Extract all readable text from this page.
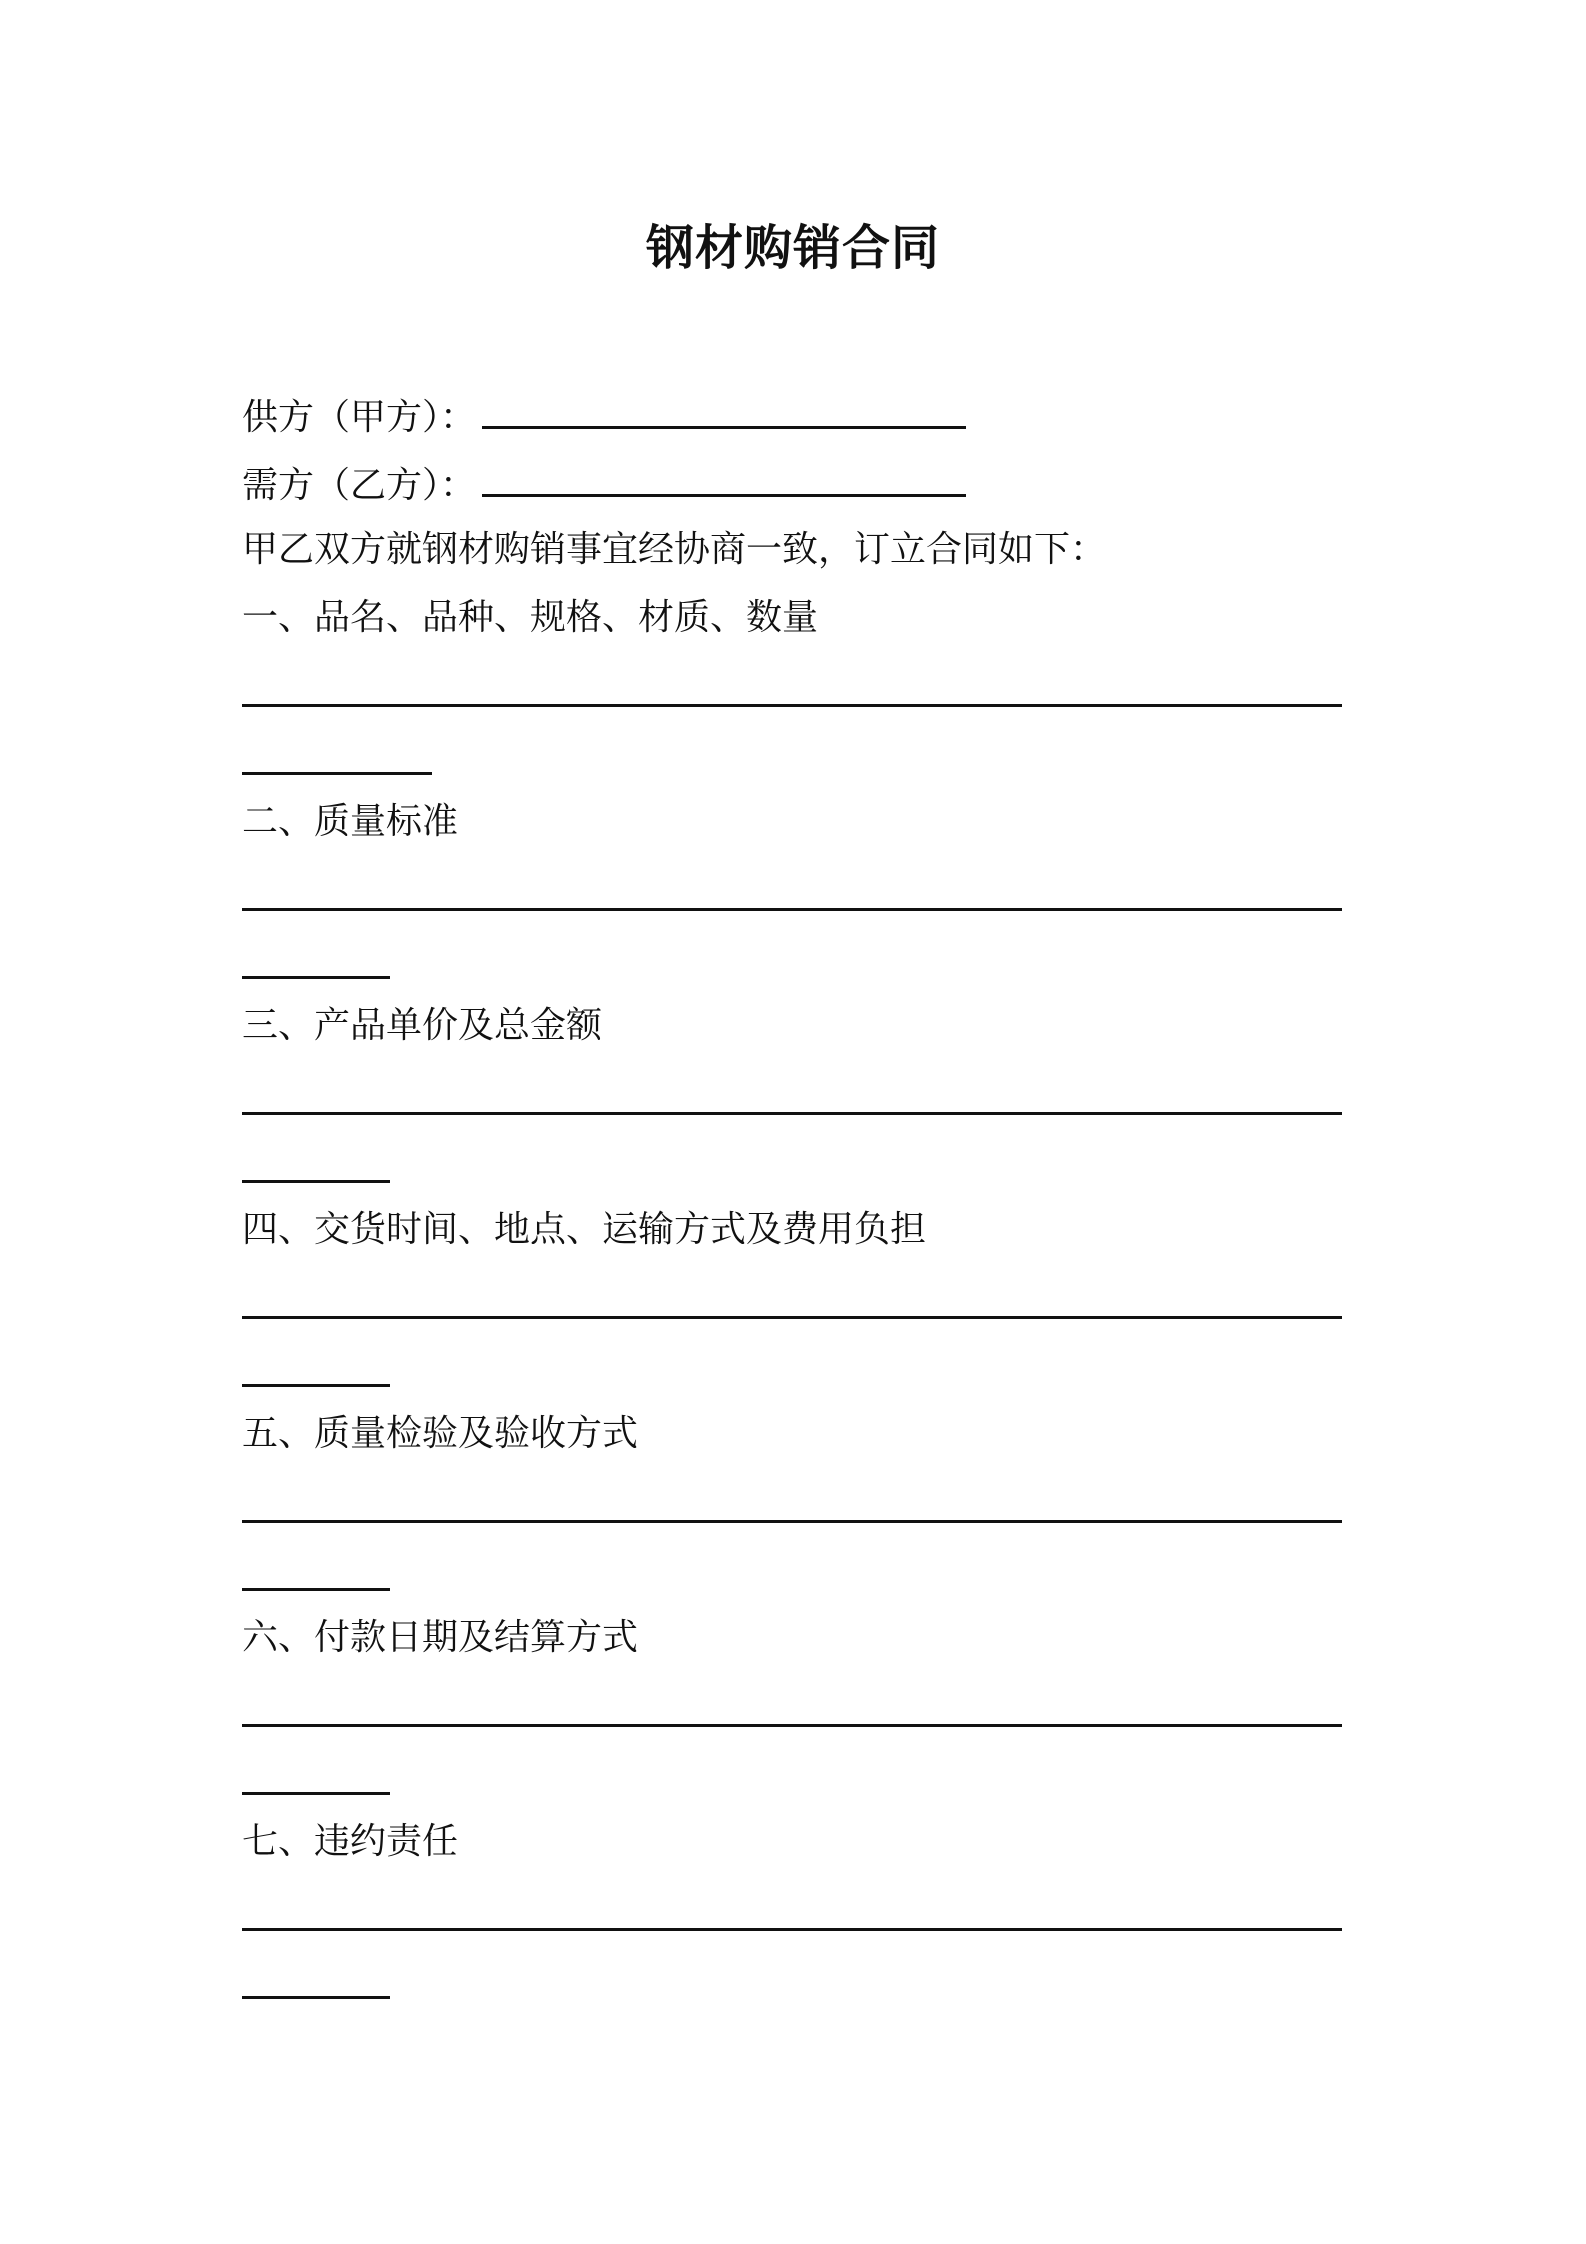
钢材购销合同
供方（甲方）：
需方（乙方）：
甲乙双方就钢材购销事宜经协商一致，订立合同如下：
一、品名、品种、规格、材质、数量
二、质量标准
三、产品单价及总金额
四、交货时间、地点、运输方式及费用负担
五、质量检验及验收方式
六、付款日期及结算方式
七、违约责任
